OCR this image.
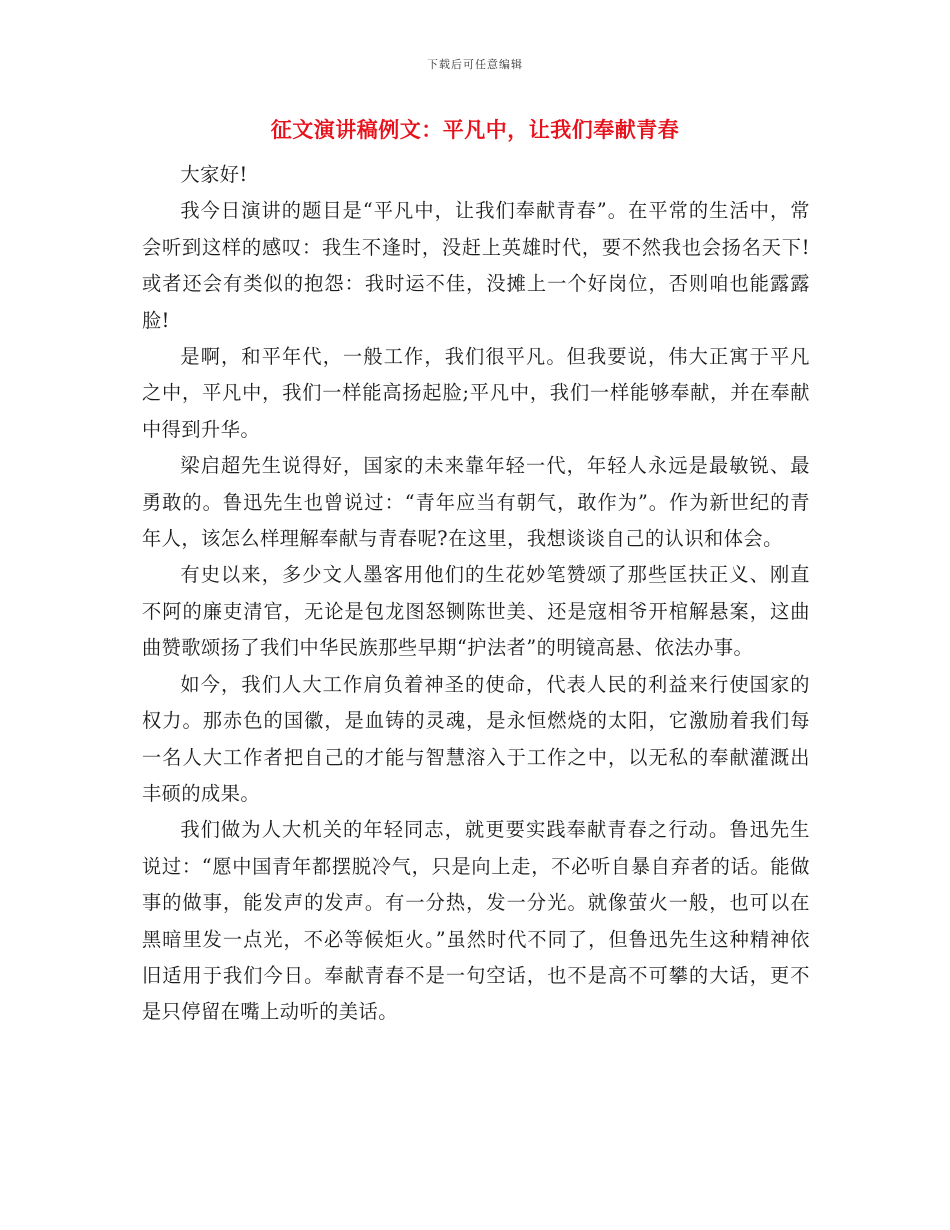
下载后可任意编辑
征文演讲稿例文：平凡中，让我们奉献青春

大家好!

我今日演讲的题目是“平凡中，让我们奉献青春”。在平常的生活中，常会听到这样的感叹：我生不逢时，没赶上英雄时代，要不然我也会扬名天下!或者还会有类似的抱怨：我时运不佳，没摊上一个好岗位，否则咱也能露露脸!

是啊，和平年代，一般工作，我们很平凡。但我要说，伟大正寓于平凡之中，平凡中，我们一样能高扬起脸;平凡中，我们一样能够奉献，并在奉献中得到升华。

梁启超先生说得好，国家的未来靠年轻一代，年轻人永远是最敏锐、最勇敢的。鲁迅先生也曾说过：“青年应当有朝气，敢作为”。作为新世纪的青年人，该怎么样理解奉献与青春呢?在这里，我想谈谈自己的认识和体会。

有史以来，多少文人墨客用他们的生花妙笔赞颂了那些匡扶正义、刚直不阿的廉吏清官，无论是包龙图怒铡陈世美、还是寇相爷开棺解悬案，这曲曲赞歌颂扬了我们中华民族那些早期“护法者”的明镜高悬、依法办事。

如今，我们人大工作肩负着神圣的使命，代表人民的利益来行使国家的权力。那赤色的国徽，是血铸的灵魂，是永恒燃烧的太阳，它激励着我们每一名人大工作者把自己的才能与智慧溶入于工作之中，以无私的奉献灌溉出丰硕的成果。

我们做为人大机关的年轻同志，就更要实践奉献青春之行动。鲁迅先生说过：“愿中国青年都摆脱冷气，只是向上走，不必听自暴自弃者的话。能做事的做事，能发声的发声。有一分热，发一分光。就像萤火一般，也可以在黑暗里发一点光，不必等候炬火。”虽然时代不同了，但鲁迅先生这种精神依旧适用于我们今日。奉献青春不是一句空话，也不是高不可攀的大话，更不是只停留在嘴上动听的美话。
